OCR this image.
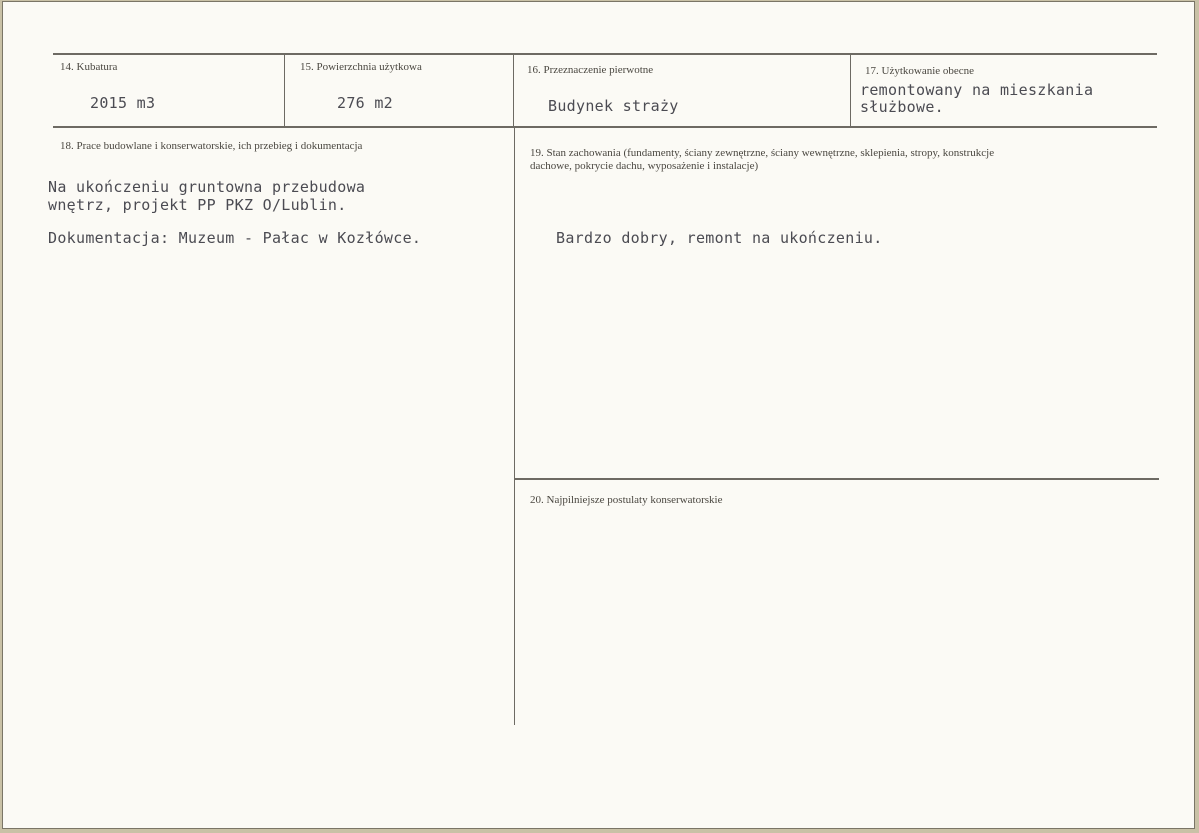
14. Kubatura
2015 m3
15. Powierzchnia użytkowa
276 m2
16. Przeznaczenie pierwotne
Budynek straży
17. Użytkowanie obecne
remontowany na mieszkania
służbowe.
18. Prace budowlane i konserwatorskie, ich przebieg i dokumentacja
Na ukończeniu gruntowna przebudowa
wnętrz, projekt PP PKZ O/Lublin.
Dokumentacja: Muzeum - Pałac w Kozłówce.
19. Stan zachowania (fundamenty, ściany zewnętrzne, ściany wewnętrzne, sklepienia, stropy, konstrukcje
dachowe, pokrycie dachu, wyposażenie i instalacje)
Bardzo dobry, remont na ukończeniu.
20. Najpilniejsze postulaty konserwatorskie
